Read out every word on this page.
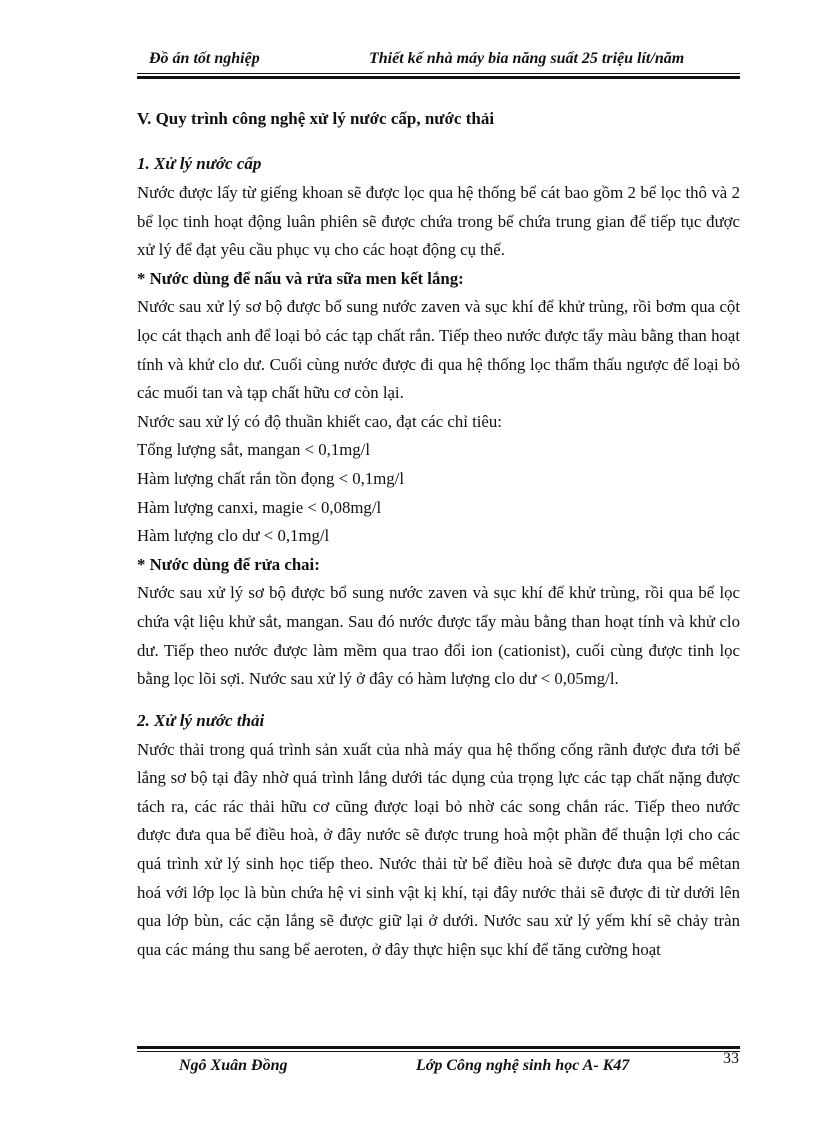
Đồ án tốt nghiệp	Thiết kế nhà máy bia năng suất 25 triệu lít/năm

V. Quy trình công nghệ xử lý nước cấp, nước thải

1. Xử lý nước cấp

Nước được lấy từ giếng khoan sẽ được lọc qua hệ thống bể cát bao gồm 2 bể lọc thô và 2 bể lọc tinh hoạt động luân phiên sẽ được chứa trong bể chứa trung gian để tiếp tục được xử lý để đạt yêu cầu phục vụ cho các hoạt động cụ thể.

* Nước dùng để nấu và rửa sữa men kết lắng:

Nước sau xử lý sơ bộ được bổ sung nước zaven và sục khí để khử trùng, rồi bơm qua cột lọc cát thạch anh để loại bỏ các tạp chất rắn. Tiếp theo nước được tẩy màu bằng than hoạt tính và khử clo dư. Cuối cùng nước được đi qua hệ thống lọc thẩm thấu ngược để loại bỏ các muối tan và tạp chất hữu cơ còn lại.

Nước sau xử lý có độ thuần khiết cao, đạt các chỉ tiêu:

Tổng lượng sắt, mangan < 0,1mg/l

Hàm lượng chất rắn tồn đọng < 0,1mg/l

Hàm lượng canxi, magie < 0,08mg/l

Hàm lượng clo dư < 0,1mg/l

* Nước dùng để rửa chai:

Nước sau xử lý sơ bộ được bổ sung nước zaven và sục khí để khử trùng, rồi qua bể lọc chứa vật liệu khử sắt, mangan. Sau đó nước được tẩy màu bằng than hoạt tính và khử clo dư. Tiếp theo nước được làm mềm qua trao đổi ion (cationist), cuối cùng được tinh lọc bằng lọc lõi sợi. Nước sau xử lý ở đây có hàm lượng clo dư < 0,05mg/l.

2. Xử lý nước thải

Nước thải trong quá trình sản xuất của nhà máy qua hệ thống cống rãnh được đưa tới bể lắng sơ bộ tại đây nhờ quá trình lắng dưới tác dụng của trọng lực các tạp chất nặng được tách ra, các rác thải hữu cơ cũng được loại bỏ nhờ các song chắn rác. Tiếp theo nước được đưa qua bể điều hoà, ở đây nước sẽ được trung hoà một phần để thuận lợi cho các quá trình xử lý sinh học tiếp theo. Nước thải từ bể điều hoà sẽ được đưa qua bể mêtan hoá với lớp lọc là bùn chứa hệ vi sinh vật kị khí, tại đây nước thải sẽ được đi từ dưới lên qua lớp bùn, các cặn lắng sẽ được giữ lại ở dưới. Nước sau xử lý yếm khí sẽ chảy tràn qua các máng thu sang bể aeroten, ở đây thực hiện sục khí để tăng cường hoạt

Ngô Xuân Đồng	Lớp Công nghệ sinh học A- K47	33
